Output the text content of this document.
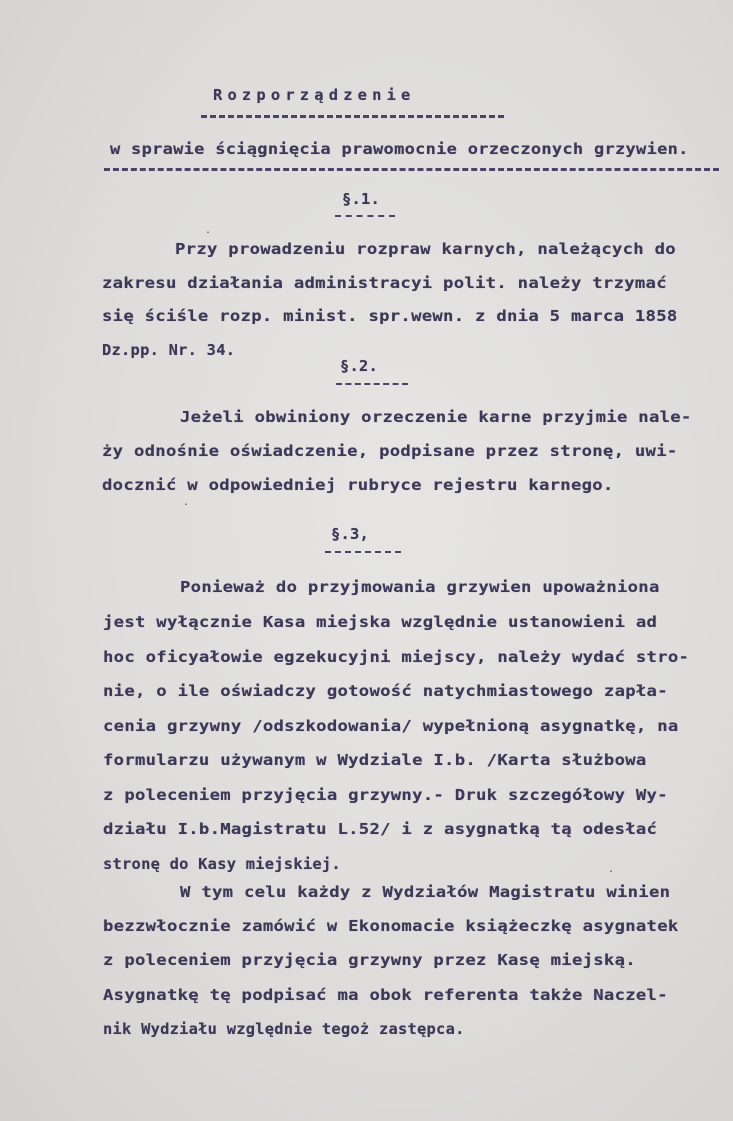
Rozporządzenie
w sprawie ściągnięcia prawomocnie orzeczonych grzywien.
§.1.
Przy prowadzeniu rozpraw karnych, należących do
zakresu działania administracyi polit. należy trzymać
się ściśle rozp. minist. spr.wewn. z dnia 5 marca 1858
Dz.pp. Nr. 34.
§.2.
Jeżeli obwiniony orzeczenie karne przyjmie nale-
ży odnośnie oświadczenie, podpisane przez stronę, uwi-
docznić w odpowiedniej rubryce rejestru karnego.
§.3,
Ponieważ do przyjmowania grzywien upoważniona
jest wyłącznie Kasa miejska względnie ustanowieni ad
hoc oficyałowie egzekucyjni miejscy, należy wydać stro-
nie, o ile oświadczy gotowość natychmiastowego zapła-
cenia grzywny /odszkodowania/ wypełnioną asygnatkę, na
formularzu używanym w Wydziale I.b. /Karta służbowa
z poleceniem przyjęcia grzywny.- Druk szczegółowy Wy-
działu I.b.Magistratu L.52/ i z asygnatką tą odesłać
stronę do Kasy miejskiej.
W tym celu każdy z Wydziałów Magistratu winien
bezzwłocznie zamówić w Ekonomacie książeczkę asygnatek
z poleceniem przyjęcia grzywny przez Kasę miejską.
Asygnatkę tę podpisać ma obok referenta także Naczel-
nik Wydziału względnie tegoż zastępca.
.
.
.
